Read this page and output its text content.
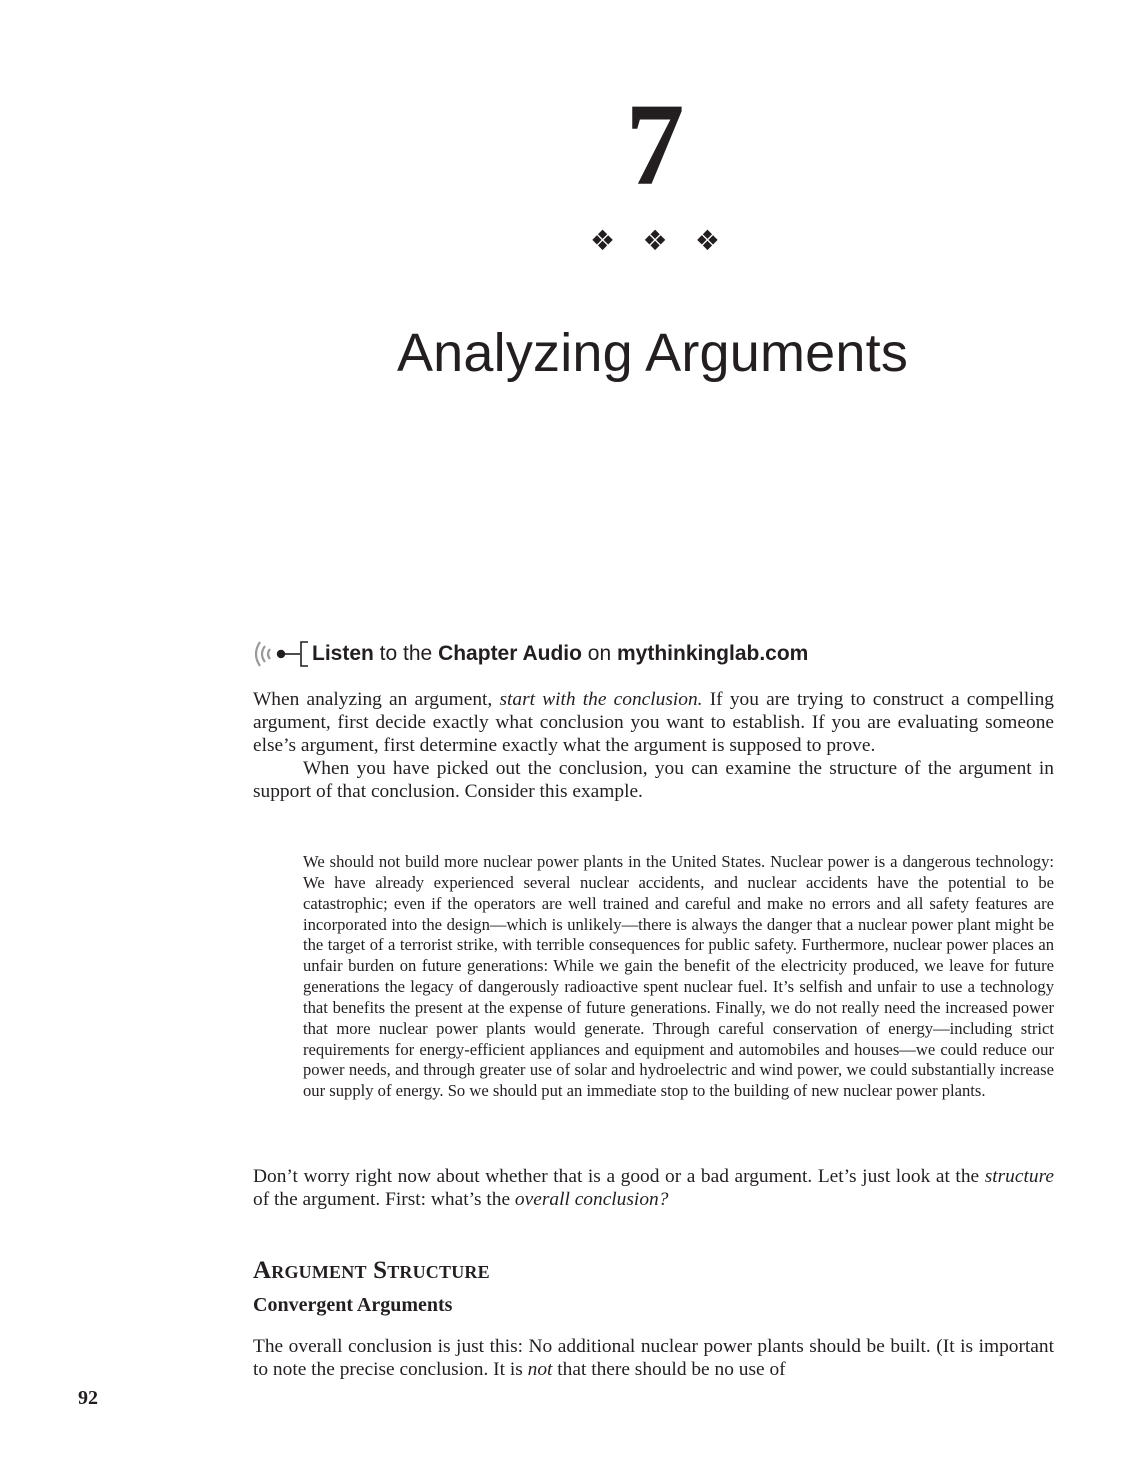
7
❖ ❖ ❖
Analyzing Arguments
Listen to the Chapter Audio on mythinkinglab.com

When analyzing an argument, start with the conclusion. If you are trying to construct a compelling argument, first decide exactly what conclusion you want to establish. If you are evaluating someone else’s argument, first determine exactly what the argument is supposed to prove.

When you have picked out the conclusion, you can examine the structure of the argument in support of that conclusion. Consider this example.

We should not build more nuclear power plants in the United States. Nuclear power is a dangerous technology: We have already experienced several nuclear accidents, and nuclear accidents have the potential to be catastrophic; even if the operators are well trained and careful and make no errors and all safety features are incorporated into the design—which is unlikely—there is always the danger that a nuclear power plant might be the target of a terrorist strike, with terrible consequences for public safety. Furthermore, nuclear power places an unfair burden on future generations: While we gain the benefit of the electricity produced, we leave for future generations the legacy of dangerously radioactive spent nuclear fuel. It’s selfish and unfair to use a technology that benefits the present at the expense of future generations. Finally, we do not really need the increased power that more nuclear power plants would generate. Through careful conservation of energy—including strict requirements for energy-efficient appliances and equipment and automobiles and houses—we could reduce our power needs, and through greater use of solar and hydroelectric and wind power, we could substantially increase our supply of energy. So we should put an immediate stop to the building of new nuclear power plants.

Don’t worry right now about whether that is a good or a bad argument. Let’s just look at the structure of the argument. First: what’s the overall conclusion?

Argument Structure
Convergent Arguments

The overall conclusion is just this: No additional nuclear power plants should be built. (It is important to note the precise conclusion. It is not that there should be no use of

92
